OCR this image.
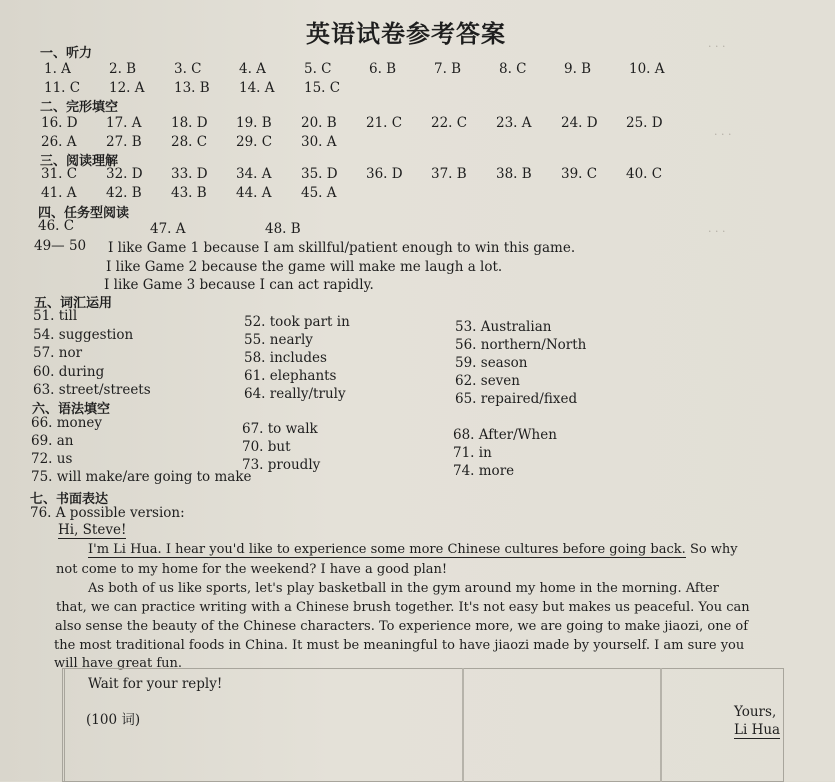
· · ·
· · ·
· · ·
英语试卷参考答案
一、听力
1. A	2. B	3. C	4. A	5. C	6. B	7. B	8. C	9. B	10. A
11. C	12. A	13. B	14. A	15. C
二、完形填空
16. D	17. A	18. D	19. B	20. B	21. C	22. C	23. A	24. D	25. D
26. A	27. B	28. C	29. C	30. A
三、阅读理解
31. C	32. D	33. D	34. A	35. D	36. D	37. B	38. B	39. C	40. C
41. A	42. B	43. B	44. A	45. A
四、任务型阅读
46. C	47. A	48. B
49— 50 I like Game 1 because I am skillful/patient enough to win this game.
I like Game 2 because the game will make me laugh a lot.
I like Game 3 because I can act rapidly.
五、词汇运用
51. till
54. suggestion
57. nor
60. during
63. street/streets
52. took part in
55. nearly
58. includes
61. elephants
64. really/truly
53. Australian
56. northern/North
59. season
62. seven
65. repaired/fixed
六、语法填空
66. money
69. an
72. us
75. will make/are going to make
67. to walk
70. but
73. proudly
68. After/When
71. in
74. more
七、书面表达
76. A possible version:
Hi, Steve!
I'm Li Hua. I hear you'd like to experience some more Chinese cultures before going back. So why
not come to my home for the weekend? I have a good plan!
As both of us like sports, let's play basketball in the gym around my home in the morning. After
that, we can practice writing with a Chinese brush together. It's not easy but makes us peaceful. You can
also sense the beauty of the Chinese characters. To experience more, we are going to make jiaozi, one of
the most traditional foods in China. It must be meaningful to have jiaozi made by yourself. I am sure you
will have great fun.
Wait for your reply!
(100 词)	Yours,
Li Hua
